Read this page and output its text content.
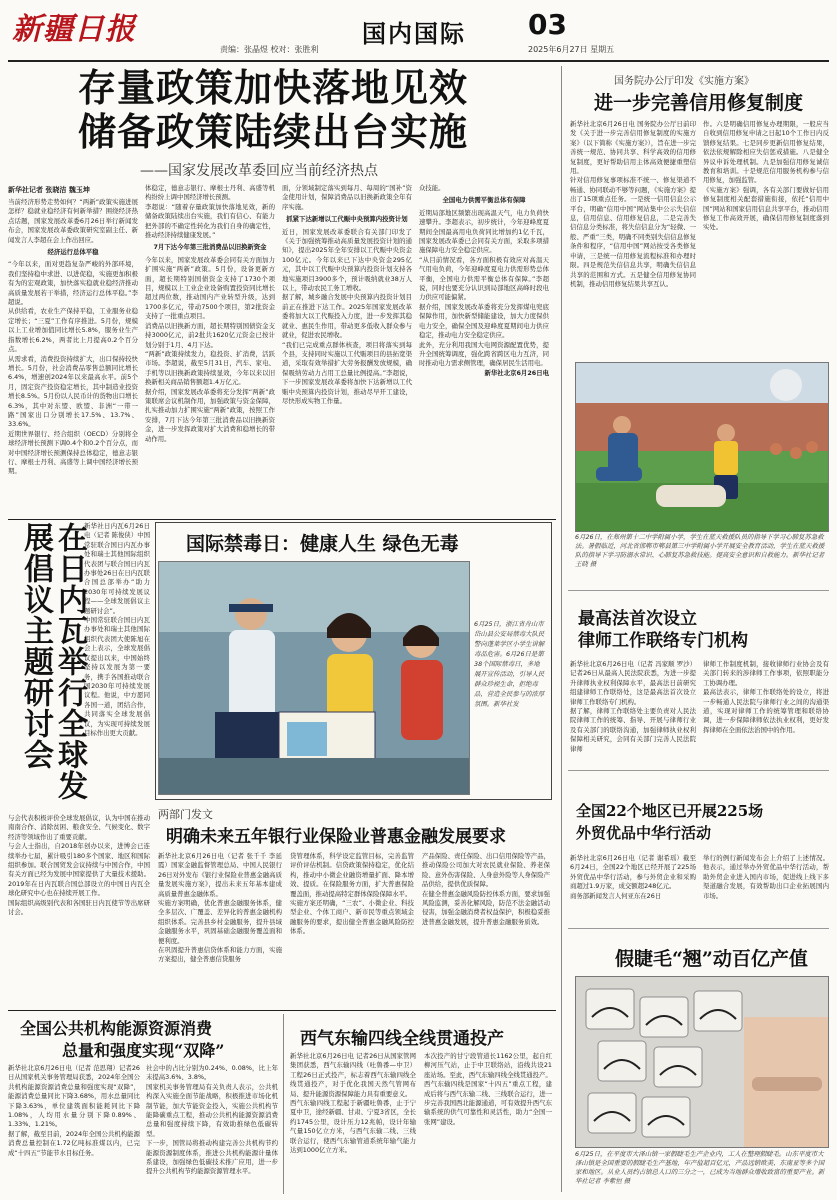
新疆日报
责编：张晶煜 校对：张胜利
国内国际 03
2025年6月27日 星期五
存量政策加快落地见效
储备政策陆续出台实施
——国家发展改革委回应当前经济热点
新华社记者 张晓洁 魏玉坤
当前经济形势走势如何？“两新”政策实施进展怎样？稳就业稳经济有何新举措？围绕经济热点话题，国家发展改革委6月26日举行新闻发布会，国家发展改革委政策研究室副主任、新闻发言人李超在会上作出回应。
经济运行总体平稳
“今年以来，面对更趋复杂严峻的外部环境，我们坚持稳中求进、以进促稳，实施更加积极有为的宏观政策，加快落实稳就业稳经济推动高质量发展若干举措，经济运行总体平稳。”李超说。
从供给看，农业生产保持平稳，工业服务业稳定增长；“三夏”工作有序推进。5月份，规模以上工业增加值同比增长5.8%，服务业生产指数增长6.2%，两者比上月提高0.2个百分点。
从需求看，消费投资持续扩大，出口保持较快增长。5月份，社会消费品零售总额同比增长6.4%，增速创2024年以来最高水平。前5个月，固定资产投资稳定增长，其中制造业投资增长8.5%。5月份以人民币计的货物出口增长6.3%，其中对东盟、欧盟、非洲“一带一路”国家出口分别增长17.5%、13.7%、33.6%。
近期世界银行、经合组织（OECD）分别将全球经济增长预测下调0.4个和0.2个百分点，而对中国经济增长预测保持总体稳定，德意志银行、摩根士丹利、高盛等上调中国经济增长预期。
体稳定，德意志银行、摩根士丹利、高盛等机构纷纷上调中国经济增长预测。
李超说：“随着存量政策加快落地见效，新的储备政策陆续出台实施，我们有信心、有能力把外部的不确定性转化为我们自身的确定性，推动经济持续健康发展。”
7月下达今年第三批消费品以旧换新资金
今年以来，国家发展改革委会同有关方面加力扩围实施“两新”政策。5月份，设备更新方面，超长期特别国债资金支持了1730个项目，规模以上工业企业设备购置投资同比增长超过两位数，推动国内产业转型升级，达到1700多亿元，带动7500个项目，第2批资金支持了一批重点项目。
消费品以旧换新方面，超长期特别国债资金支持3000亿元，前2批共1620亿元资金已按计划分别于1月、4月下达。
“两新”政策持续发力，稳投资、扩消费，活跃市场。李超说，截至5月31日，汽车、家电、手机等以旧换新政策持续显效，今年以来以旧换新相关商品销售额超1.4万亿元。
据介绍，国家发展改革委将充分发挥“两新”政策联席会议机制作用，加强政策与资金保障，扎实推动加力扩围实施“两新”政策，按照工作安排，7月下达今年第三批消费品以旧换新资金，进一步发挥政策对扩大消费和稳增长的带动作用。
面，分领域制定落实到每月、每周的“国补”资金使用计划，保障消费品以旧换新政策全年有序实施。
抓紧下达新增以工代赈中央预算内投资计划
近日，国家发展改革委联合有关部门印发了《关于加强统筹推动高质量发展投资计划的通知》，提出2025年全年安排以工代赈中央资金100亿元。今年以来已下达中央资金295亿元，其中以工代赈中央预算内投资计划支持各地实施项目3900多个，预计吸纳就业38万人以上，带动农民工务工增收。
据了解，城乡融合发展中央预算内投资计划目前正在推进下达工作。2025年国家发展改革委将加大以工代赈投入力度，进一步发挥其稳就业、惠民生作用，带动更多低收入群众参与就业，促进农民增收。
“我们已完成重点群体核查，项目将落实到每个县，支持同时实施以工代赈项目的县拓宽渠道，采取有效举措扩大劳务报酬发放规模，确保吸纳劳动力占用工总量比例提高。”李超说，下一步国家发展改革委将加快下达新增以工代赈中央预算内投资计划，推动尽早开工建设，尽快形成实物工作量。
众技能。
全国电力供需平衡总体有保障
近期局部地区频繁出现高温天气，电力负荷快速攀升。李超表示，初步统计，今年迎峰度夏期间全国最高用电负荷同比增加约1亿千瓦，国家发展改革委已会同有关方面，采取多项措施保障电力安全稳定供应。
“从目前情况看，各方面积极有效应对高温天气用电负荷，今年迎峰度夏电力供需形势总体平衡，全国电力供需平衡总体有保障。”李超说，同时也要充分认识到局部地区高峰时段电力供应可能偏紧。
据介绍，国家发展改革委将充分发挥煤电兜底保障作用，加快新型储能建设，加大力度保供电力安全，确保全国及迎峰度夏期间电力供应稳定，推动电力安全稳定供应。
此外，充分利用我国大电网资源配置优势，提升全国统筹调度，强化跨省跨区电力互济，同时推动电力需求侧管理，确保居民生活用电。
新华社北京6月26日电
国务院办公厅印发《实施方案》
进一步完善信用修复制度
新华社北京6月26日电 国务院办公厅日前印发《关于进一步完善信用修复制度的实施方案》（以下简称《实施方案》），旨在进一步完善统一规范、协同共享、科学高效的信用修复制度，更好帮助信用主体高效便捷重塑信用。
针对信用修复事项标准不统一、修复渠道不畅通、协同联动不够等问题，《实施方案》提出了15项重点任务。一是统一信用信息公示平台，明确“信用中国”网站集中公示失信信息，信用信息、信用修复信息，二是完善失信信息分类标准，将失信信息分为“轻微、一般、严重”三类，明确不同类别失信信息修复条件和程序，“信用中国”网站按受各类修复申请，三是统一信用修复流程标准和办理时限。四是规范失信信息共享，明确失信信息共享的范围和方式。五是健全信用修复协同机制，推动信用修复结果共享互认。
作。六是明确信用修复办理期限，一般应当自收到信用修复申请之日起10个工作日内反馈修复结果。七是同步更新信用修复结果，依法依规解除相应失信惩戒措施。八是健全异议申诉处理机制。九是加强信用修复诚信教育和培训。十是规范信用服务机构参与信用修复，加强监管。
《实施方案》强调，各有关部门要做好信用修复制度相关配套措施衔接，依托“信用中国”网站和国家信用信息共享平台，推动信用修复工作高效开展，确保信用修复制度落到实处。
6月26日，在郑州第十二中学附属小学，学生在蓝天救援队员的指导下学习心肺复苏急救法。暑假临近，河北省邯郸市郸县第三中学附属小学开展安全教育活动，学生在蓝天救援队的指导下学习防溺水常识、心肺复苏急救技能。提高安全意识和自救能力。新华社记者 王晓 摄
最高法首次设立
律师工作联络专门机构
新华社北京6月26日电（记者 冯家顺 罗沙）记者26日从最高人民法院获悉，为进一步提升律师执业权利保障水平，最高法日前研究组建律师工作联络处，这是最高法首次设立律师工作联络专门机构。
据了解，律师工作联络处主要负责对人民法院律师工作的统筹、指导、开展与律师行业及有关部门的联络沟通，加强律师执业权利保障相关研究，会同有关部门完善人民法院律师
律师工作制度机制，接收律师行业协会及有关部门转来的涉律师工作事项，依照职能分工协调办理。
最高法表示，律师工作联络处的设立，将进一步畅通人民法院与律师行业之间的沟通渠道，实现对律师工作的统筹管理和联络协调，进一步保障律师依法执业权利，更好发挥律师在全面依法治国中的作用。
全国22个地区已开展225场
外贸优品中华行活动
新华社北京6月26日电（记者 谢希瑶）截至6月24日，全国22个地区已经开展了225场外贸优品中华行活动，参与外贸企业和采购商超过1.9万家，成交额超248亿元。
商务部新闻发言人何亚东在26日
举行的例行新闻发布会上介绍了上述情况。他表示，通过举办外贸优品中华行活动，帮助外贸企业进入国内市场，促进线上线下多渠道融合发展，有效帮助出口企业拓展国内市场。
假睫毛“翘”动百亿产值
6月25日，在平度市大泽山镇一家假睫毛生产企业内，工人在整理假睫毛。山东平度市大泽山镇是全国重要的假睫毛生产基地，年产值超百亿元，产品远销欧美、东南亚等多个国家和地区。从业人员约占镇总人口的三分之一，已成为当地群众增收致富的重要产业。新华社记者 李紫恒 摄
在日内瓦举行全球发展倡议主题研讨会	新华社日内瓦6月26日电（记者 陈俊侠）中国常驻联合国日内瓦办事处和瑞士其他国际组织代表团与联合国日内瓦办事处26日在日内瓦联合国总部举办“助力2030年可持续发展议程——全球发展倡议主题研讨会”。
中国常驻联合国日内瓦办事处和瑞士其他国际组织代表团大使陈旭在会上表示，全球发展倡议提出以来，中国始终坚持以发展为第一要务，携手各国推动联合国2030年可持续发展议程。他说，中方愿同各国一道，团结合作，共同落实全球发展倡议，为实现可持续发展目标作出更大贡献。
与会代表积极评价全球发展倡议，认为中国在推动南南合作、消除贫困、粮食安全、气候变化、数字经济等领域作出了重要贡献。
与会人士指出，自2018年创办以来，进博会已连续举办七届，累计吸引180多个国家、地区和国际组织参加。联合国贸发会议持续与中国合作，中国有关方面已经为发展中国家提供了大量技术援助。2019年在日内瓦联合国总部设立的中国日内瓦全球化研究中心也在持续开展工作。
国际组织高级别代表和各国驻日内瓦使节等出席研讨会。
国际禁毒日：健康人生 绿色无毒
6月25日，浙江省舟山市岱山县公安局禁毒大队民警向蓬莱学区小学生讲解毒品危害。6月26日是第38个国际禁毒日，多地展开宣传活动，引导人民群众珍视生命，拒绝毒品，营造全民参与的浓厚氛围。新华社发
两部门发文
明确未来五年银行业保险业普惠金融发展要求
新华社北京6月26日电（记者 张千千 李延霞）国家金融监督管理总局、中国人民银行26日对外发布《银行业保险业普惠金融高质量发展实施方案》，提出未来五年基本建成高质量普惠金融体系。
实施方案明确，优化普惠金融服务体系，健全多层次、广覆盖、差异化的普惠金融机构组织体系。完善县乡村金融服务，提升县域金融服务水平，巩固基础金融服务覆盖面和便利度。
在巩固提升普惠信贷体系和能力方面，实施方案提出，健全普惠信贷服务
贷管理体系，科学设定监管目标，完善监管评价评估机制。信贷政策保持稳定，优化结构，推动中小微企业融资增量扩面、降本增效、提质。在保险服务方面，扩大普惠保险覆盖面，推动提高特定群体保险保障水平。
实施方案还明确，“三农”、小微企业、科技型企业、个体工商户、新市民等重点领域金融服务的要求，提出健全普惠金融风险防控体系。
产品保险、责任保险、出口信用保险等产品，推动保险公司加大对农民就业保险、养老保险、意外伤害保险、人身意外险等人身保险产品供给，提供优质保障。
在健全普惠金融风险防控体系方面，要求加强风险监测，妥善化解风险，防范不法金融活动侵害，加强金融消费者权益保护，积极稳妥推进普惠金融发展，提升普惠金融服务质效。
全国公共机构能源资源消费
总量和强度实现“双降”
新华社北京6月26日电（记者 范思翔）记者26日从国家机关事务管理局获悉，2024年全国公共机构能源资源消费总量和强度实现“双降”，能源消费总量同比下降3.68%，用水总量同比下降3.63%，单位建筑面积能耗同比下降1.08%，人均用水量分别下降0.89%、1.33%、1.21%。
据了解，截至目前，2024年全国公共机构能源消费总量控制在1.72亿吨标准煤以内，已完成“十四五”节能节水目标任务。
社会中的占比分别为0.24%、0.08%，比上年末提高3.6%、3.8%。
国家机关事务管理局有关负责人表示，公共机构深入实施全面节能战略，积极推进市场化机制节能，加大节能资金投入，实施公共机构节能降碳重点工程，推动公共机构能源资源消费总量和强度持续下降，有效助推绿色低碳转型。
下一步，国管局将推动构建完善公共机构节约能源资源制度体系，推进公共机构能源计量体系建设，加强绿色低碳技术推广应用，进一步提升公共机构节约能源资源管理水平。
西气东输四线全线贯通投产
新华社北京6月26日电 记者26日从国家管网集团获悉，西气东输四线（吐鲁番—中卫）工程26日正式投产，标志着西气东输四线全线贯通投产，对于优化我国天然气管网布局、提升能源资源保障能力具有重要意义。
西气东输四线工程起于新疆吐鲁番，止于宁夏中卫，途经新疆、甘肃、宁夏3省区，全长约1745公里，设计压力12兆帕，设计年输气量150亿立方米，与西气东输二线、三线联合运行，使西气东输管道系统年输气能力达到1000亿立方米。
本次投产的甘宁段管道长1162公里，起自红柳河压气站，止于中卫联络站，沿线共设21座站场。至此，西气东输四线全线贯通投产。
西气东输四线是国家“十四五”重点工程，建成后将与西气东输二线、三线联合运行，进一步完善我国西北能源通道，可有效提升西气东输系统的供气可靠性和灵活性，助力“全国一张网”建设。
